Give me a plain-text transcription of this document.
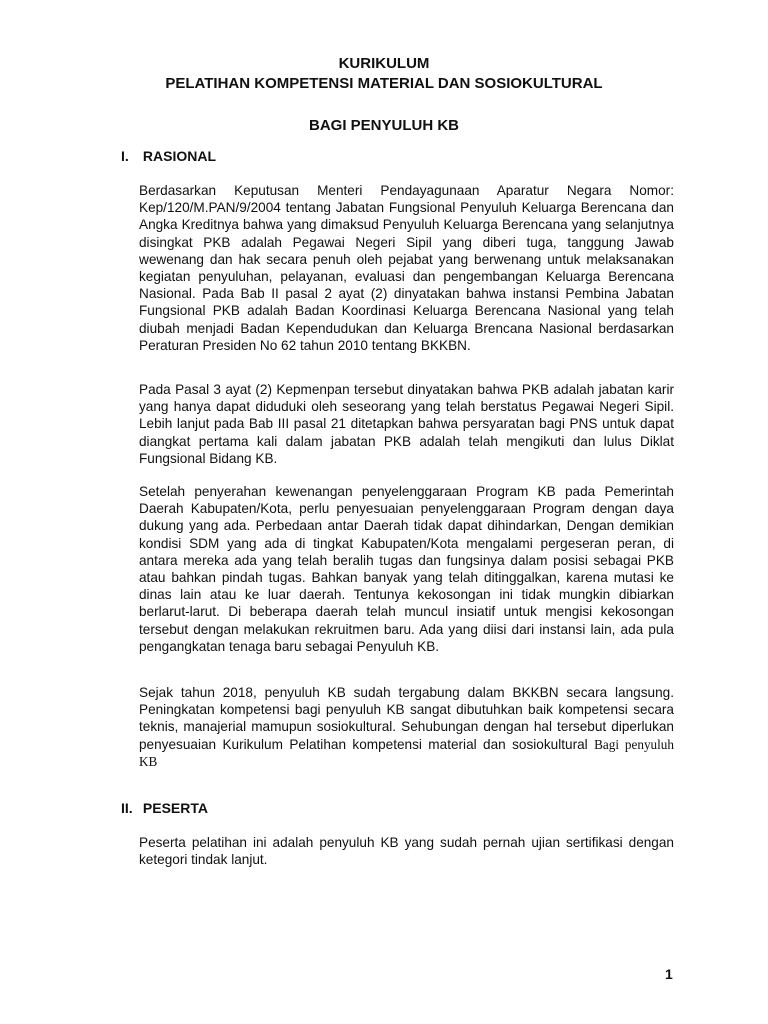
KURIKULUM
PELATIHAN KOMPETENSI MATERIAL DAN SOSIOKULTURAL
BAGI PENYULUH KB
I. RASIONAL

Berdasarkan Keputusan Menteri Pendayagunaan Aparatur Negara Nomor: Kep/120/M.PAN/9/2004 tentang Jabatan Fungsional Penyuluh Keluarga Berencana dan Angka Kreditnya bahwa yang dimaksud Penyuluh Keluarga Berencana yang selanjutnya disingkat PKB adalah Pegawai Negeri Sipil yang diberi tuga, tanggung Jawab wewenang dan hak secara penuh oleh pejabat yang berwenang untuk melaksanakan kegiatan penyuluhan, pelayanan, evaluasi dan pengembangan Keluarga Berencana Nasional. Pada Bab II pasal 2 ayat (2) dinyatakan bahwa instansi Pembina Jabatan Fungsional PKB adalah Badan Koordinasi Keluarga Berencana Nasional yang telah diubah menjadi Badan Kependudukan dan Keluarga Brencana Nasional berdasarkan Peraturan Presiden No 62 tahun 2010 tentang BKKBN.

Pada Pasal 3 ayat (2) Kepmenpan tersebut dinyatakan bahwa PKB adalah jabatan karir yang hanya dapat diduduki oleh seseorang yang telah berstatus Pegawai Negeri Sipil. Lebih lanjut pada Bab III pasal 21 ditetapkan bahwa persyaratan bagi PNS untuk dapat diangkat pertama kali dalam jabatan PKB adalah telah mengikuti dan lulus Diklat Fungsional Bidang KB.

Setelah penyerahan kewenangan penyelenggaraan Program KB pada Pemerintah Daerah Kabupaten/Kota, perlu penyesuaian penyelenggaraan Program dengan daya dukung yang ada. Perbedaan antar Daerah tidak dapat dihindarkan, Dengan demikian kondisi SDM yang ada di tingkat Kabupaten/Kota mengalami pergeseran peran, di antara mereka ada yang telah beralih tugas dan fungsinya dalam posisi sebagai PKB atau bahkan pindah tugas. Bahkan banyak yang telah ditinggalkan, karena mutasi ke dinas lain atau ke luar daerah. Tentunya kekosongan ini tidak mungkin dibiarkan berlarut-larut. Di beberapa daerah telah muncul insiatif untuk mengisi kekosongan tersebut dengan melakukan rekruitmen baru. Ada yang diisi dari instansi lain, ada pula pengangkatan tenaga baru sebagai Penyuluh KB.

Sejak tahun 2018, penyuluh KB sudah tergabung dalam BKKBN secara langsung. Peningkatan kompetensi bagi penyuluh KB sangat dibutuhkan baik kompetensi secara teknis, manajerial mamupun sosiokultural. Sehubungan dengan hal tersebut diperlukan penyesuaian Kurikulum Pelatihan kompetensi material dan sosiokultural Bagi penyuluh KB

II. PESERTA

Peserta pelatihan ini adalah penyuluh KB yang sudah pernah ujian sertifikasi dengan ketegori tindak lanjut.

1
